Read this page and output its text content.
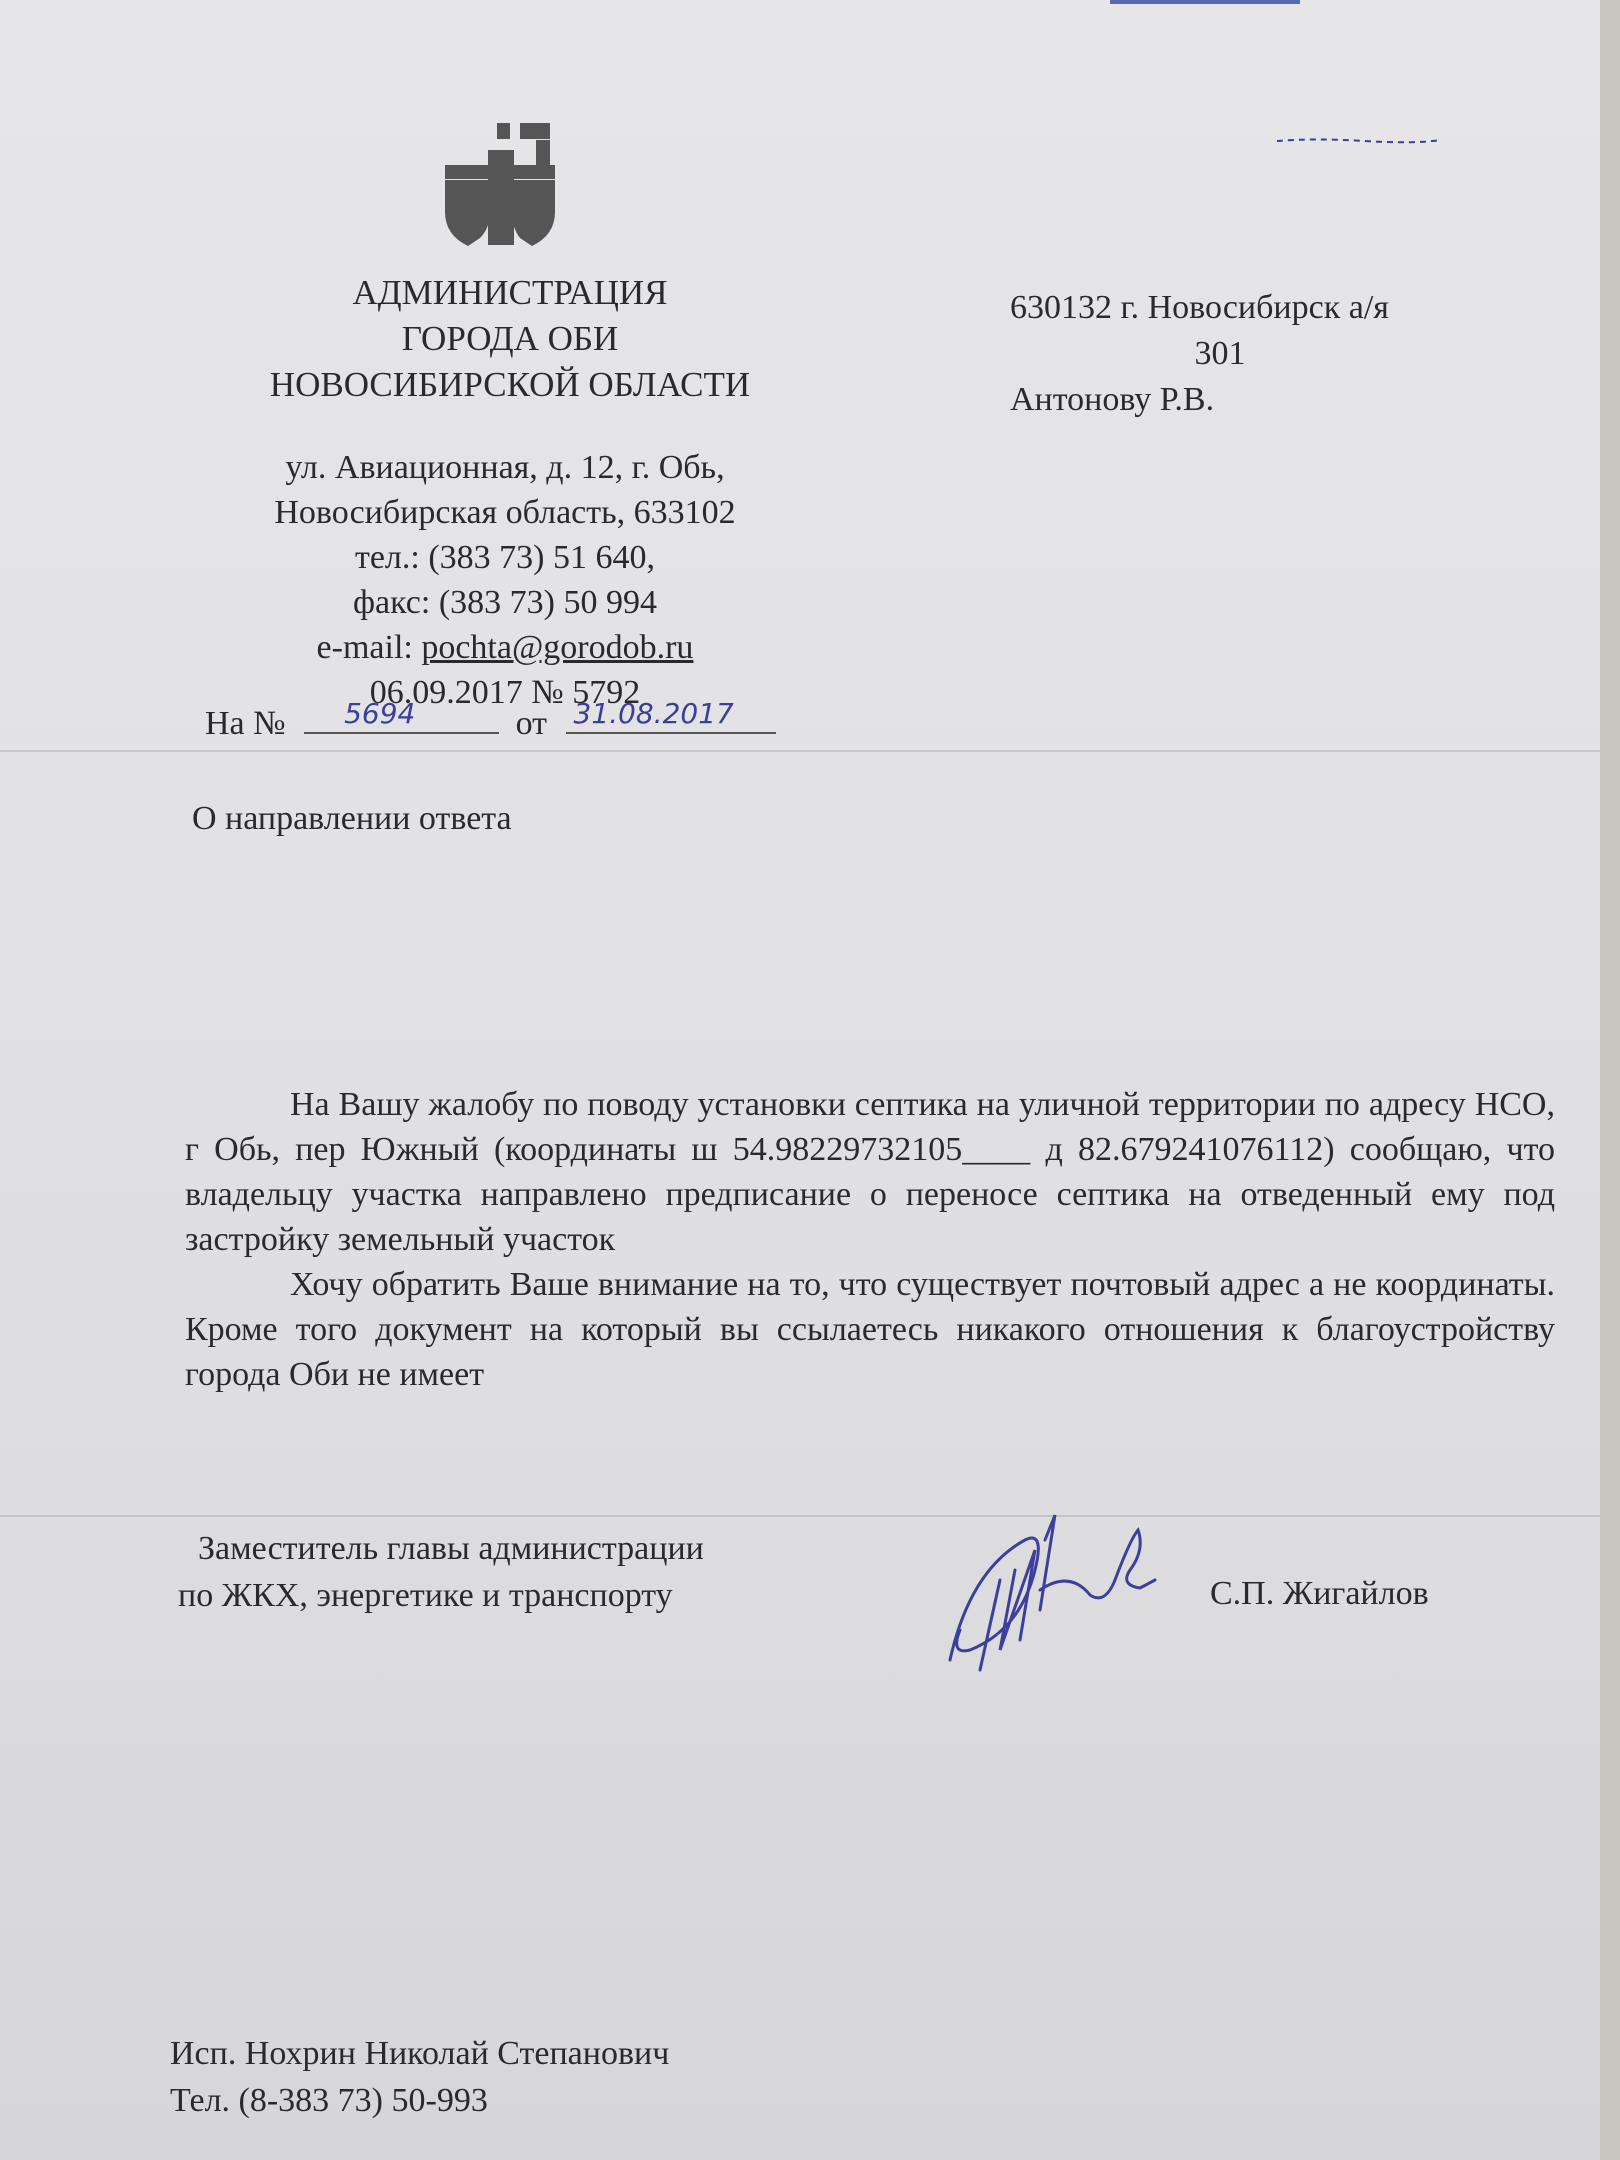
АДМИНИСТРАЦИЯ
ГОРОДА ОБИ
НОВОСИБИРСКОЙ ОБЛАСТИ
ул. Авиационная, д. 12, г. Обь,
Новосибирская область, 633102
тел.: (383 73) 51 640,
факс: (383 73) 50 994
e-mail: pochta@gorodob.ru
06.09.2017 № 5792
На № 5694	от 31.08.2017
630132 г. Новосибирск а/я
301
Антонову Р.В.
О направлении ответа

На Вашу жалобу по поводу установки септика на уличной территории по адресу НСО, г Обь, пер Южный (координаты ш 54.98229732105____ д 82.679241076112) сообщаю, что владельцу участка направлено предписание о переносе септика на отведенный ему под застройку земельный участок

Хочу обратить Ваше внимание на то, что существует почтовый адрес а не координаты. Кроме того документ на который вы ссылаетесь никакого отношения к благоустройству города Оби не имеет

Заместитель главы администрации
по ЖКХ, энергетике и транспорту	С.П. Жигайлов
Исп. Нохрин Николай Степанович
Тел. (8-383 73) 50-993
